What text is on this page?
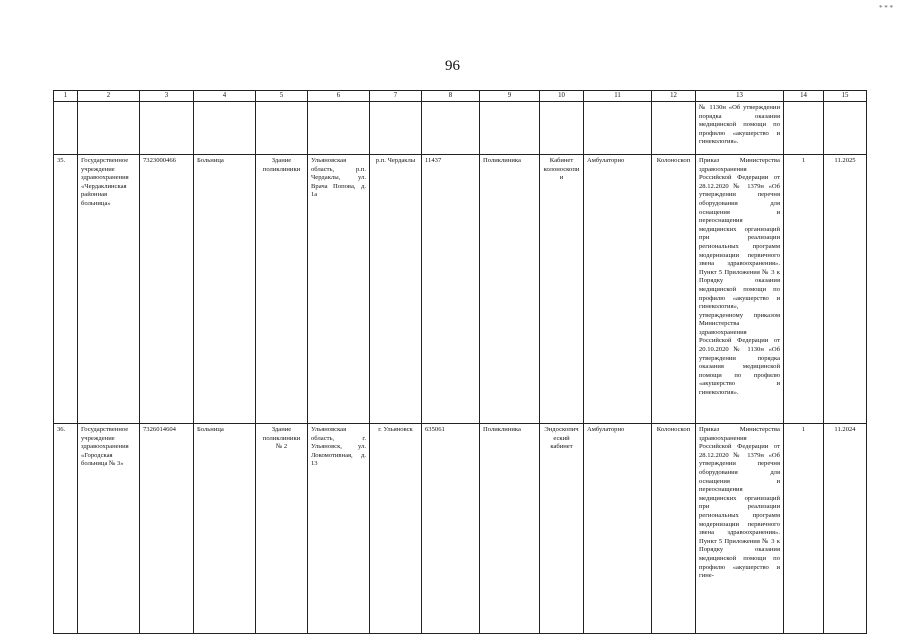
* * *
96
1	2	3	4	5	6	7	8	9	10	11	12	13	14	15
												№ 1130н «Об утверждении порядка оказания медицинской помощи по профилю «акушерство и гинекология».		
35.	Государственное учреждение здравоохранения «Чердаклинская районная больница»	7323000466	Больница	Здание поликлиники	Ульяновская область, р.п. Чердаклы, ул. Врача Попова, д. 1а	р.п. Чердаклы	11437	Поликлиника	Кабинет колоноскопии	Амбулаторно	Колоноскоп	Приказ Министерства здравоохранения Российской Федерации от 28.12.2020 № 1379н «Об утверждении перечня оборудования для оснащения и переоснащения медицинских организаций при реализации региональных программ модернизации первичного звена здравоохранения». Пункт 5 Приложения № 3 к Порядку оказания медицинской помощи по профилю «акушерство и гинекология», утвержденному приказом Министерства здравоохранения Российской Федерации от 20.10.2020 № 1130н «Об утверждении порядка оказания медицинской помощи по профилю «акушерство и гинекология».	1	11.2025
36.	Государственное учреждение здравоохранения «Городская больница № 3»	7326014604	Больница	Здание поликлиники № 2	Ульяновская область, г. Ульяновск, ул. Локомотивная, д. 13	г. Ульяновск	635061	Поликлиника	Эндоскопический кабинет	Амбулаторно	Колоноскоп	Приказ Министерства здравоохранения Российской Федерации от 28.12.2020 № 1379н «Об утверждении перечня оборудования для оснащения и переоснащения медицинских организаций при реализации региональных программ модернизации первичного звена здравоохранения». Пункт 5 Приложения № 3 к Порядку оказания медицинской помощи по профилю «акушерство и гине-	1	11.2024
